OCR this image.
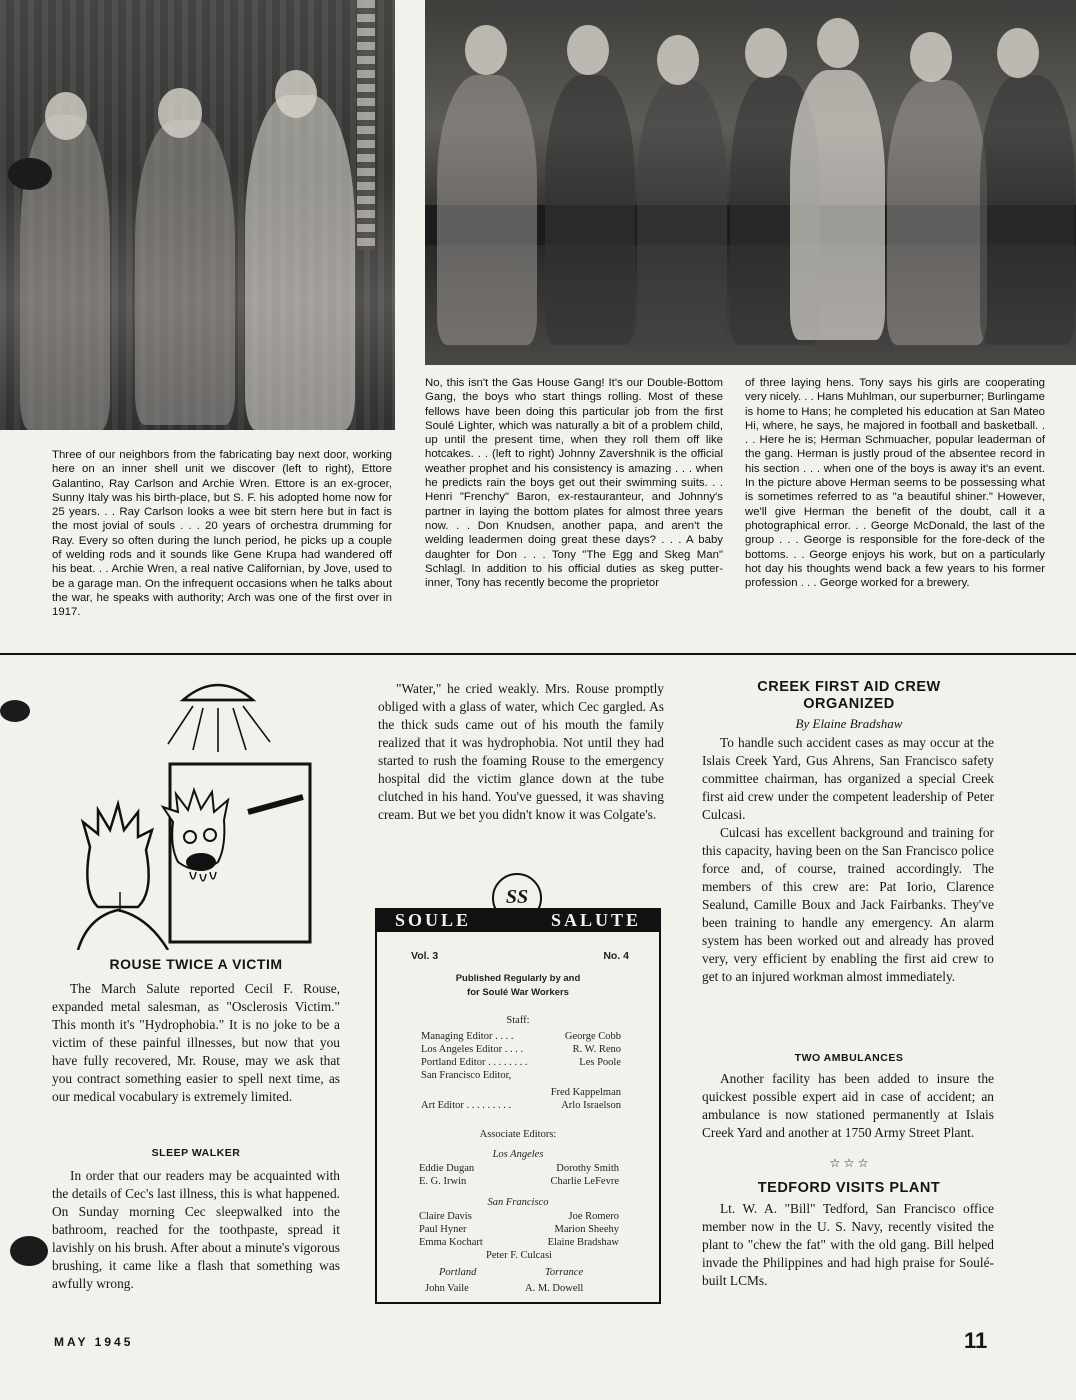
Three of our neighbors from the fabricating bay next door, working here on an inner shell unit we discover (left to right), Ettore Galantino, Ray Carlson and Archie Wren. Ettore is an ex-grocer, Sunny Italy was his birth-place, but S. F. his adopted home now for 25 years. . . Ray Carlson looks a wee bit stern here but in fact is the most jovial of souls . . . 20 years of orchestra drumming for Ray. Every so often during the lunch period, he picks up a couple of welding rods and it sounds like Gene Krupa had wandered off his beat. . . Archie Wren, a real native Californian, by Jove, used to be a garage man. On the infrequent occasions when he talks about the war, he speaks with authority; Arch was one of the first over in 1917.
No, this isn't the Gas House Gang! It's our Double-Bottom Gang, the boys who start things rolling. Most of these fellows have been doing this particular job from the first Soulé Lighter, which was naturally a bit of a problem child, up until the present time, when they roll them off like hotcakes. . . (left to right) Johnny Zavershnik is the official weather prophet and his consistency is amazing . . . when he predicts rain the boys get out their swimming suits. . . Henri "Frenchy" Baron, ex-restauranteur, and Johnny's partner in laying the bottom plates for almost three years now. . . Don Knudsen, another papa, and aren't the welding leadermen doing great these days? . . . A baby daughter for Don . . . Tony "The Egg and Skeg Man" Schlagl. In addition to his official duties as skeg putter-inner, Tony has recently become the proprietor
of three laying hens. Tony says his girls are cooperating very nicely. . . Hans Muhlman, our superburner; Burlingame is home to Hans; he completed his education at San Mateo Hi, where, he says, he majored in football and basketball. . . . Here he is; Herman Schmuacher, popular leaderman of the gang. Herman is justly proud of the absentee record in his section . . . when one of the boys is away it's an event. In the picture above Herman seems to be possessing what is sometimes referred to as "a beautiful shiner." However, we'll give Herman the benefit of the doubt, call it a photographical error. . . George McDonald, the last of the group . . . George is responsible for the fore-deck of the bottoms. . . George enjoys his work, but on a particularly hot day his thoughts wend back a few years to his former profession . . . George worked for a brewery.
ROUSE TWICE A VICTIM

The March Salute reported Cecil F. Rouse, expanded metal salesman, as "Osclerosis Victim." This month it's "Hydrophobia." It is no joke to be a victim of these painful illnesses, but now that you have fully recovered, Mr. Rouse, may we ask that you contract something easier to spell next time, as our medical vocabulary is extremely limited.

SLEEP WALKER

In order that our readers may be acquainted with the details of Cec's last illness, this is what happened. On Sunday morning Cec sleepwalked into the bathroom, reached for the toothpaste, spread it lavishly on his brush. After about a minute's vigorous brushing, it came like a flash that something was awfully wrong.

"Water," he cried weakly. Mrs. Rouse promptly obliged with a glass of water, which Cec gargled. As the thick suds came out of his mouth the family realized that it was hydrophobia. Not until they had started to rush the foaming Rouse to the emergency hospital did the victim glance down at the tube clutched in his hand. You've guessed, it was shaving cream. But we bet you didn't know it was Colgate's.

SS
SOULE	SALUTE
Vol. 3	No. 4
Published Regularly by and
for Soulé War Workers
Staff:
Managing Editor . . . .	George Cobb
Los Angeles Editor . . . .	R. W. Reno
Portland Editor . . . . . . . .	Les Poole
San Francisco Editor,
Fred Kappelman
Art Editor . . . . . . . . .	Arlo Israelson
Associate Editors:
Los Angeles
Eddie Dugan	Dorothy Smith
E. G. Irwin	Charlie LeFevre
San Francisco
Claire Davis	Joe Romero
Paul Hyner	Marion Sheehy
Emma Kochart	Elaine Bradshaw
Peter F. Culcasi
Portland	Torrance
John Vaile	A. M. Dowell
CREEK FIRST AID CREW
ORGANIZED
By Elaine Bradshaw

To handle such accident cases as may occur at the Islais Creek Yard, Gus Ahrens, San Francisco safety committee chairman, has organized a special Creek first aid crew under the competent leadership of Peter Culcasi.

Culcasi has excellent background and training for this capacity, having been on the San Francisco police force and, of course, trained accordingly. The members of this crew are: Pat Iorio, Clarence Sealund, Camille Boux and Jack Fairbanks. They've been training to handle any emergency. An alarm system has been worked out and already has proved very, very efficient by enabling the first aid crew to get to an injured workman almost immediately.

TWO AMBULANCES

Another facility has been added to insure the quickest possible expert aid in case of accident; an ambulance is now stationed permanently at Islais Creek Yard and another at 1750 Army Street Plant.

☆ ☆ ☆
TEDFORD VISITS PLANT

Lt. W. A. "Bill" Tedford, San Francisco office member now in the U. S. Navy, recently visited the plant to "chew the fat" with the old gang. Bill helped invade the Philippines and had high praise for Soulé-built LCMs.

MAY 1945	11
